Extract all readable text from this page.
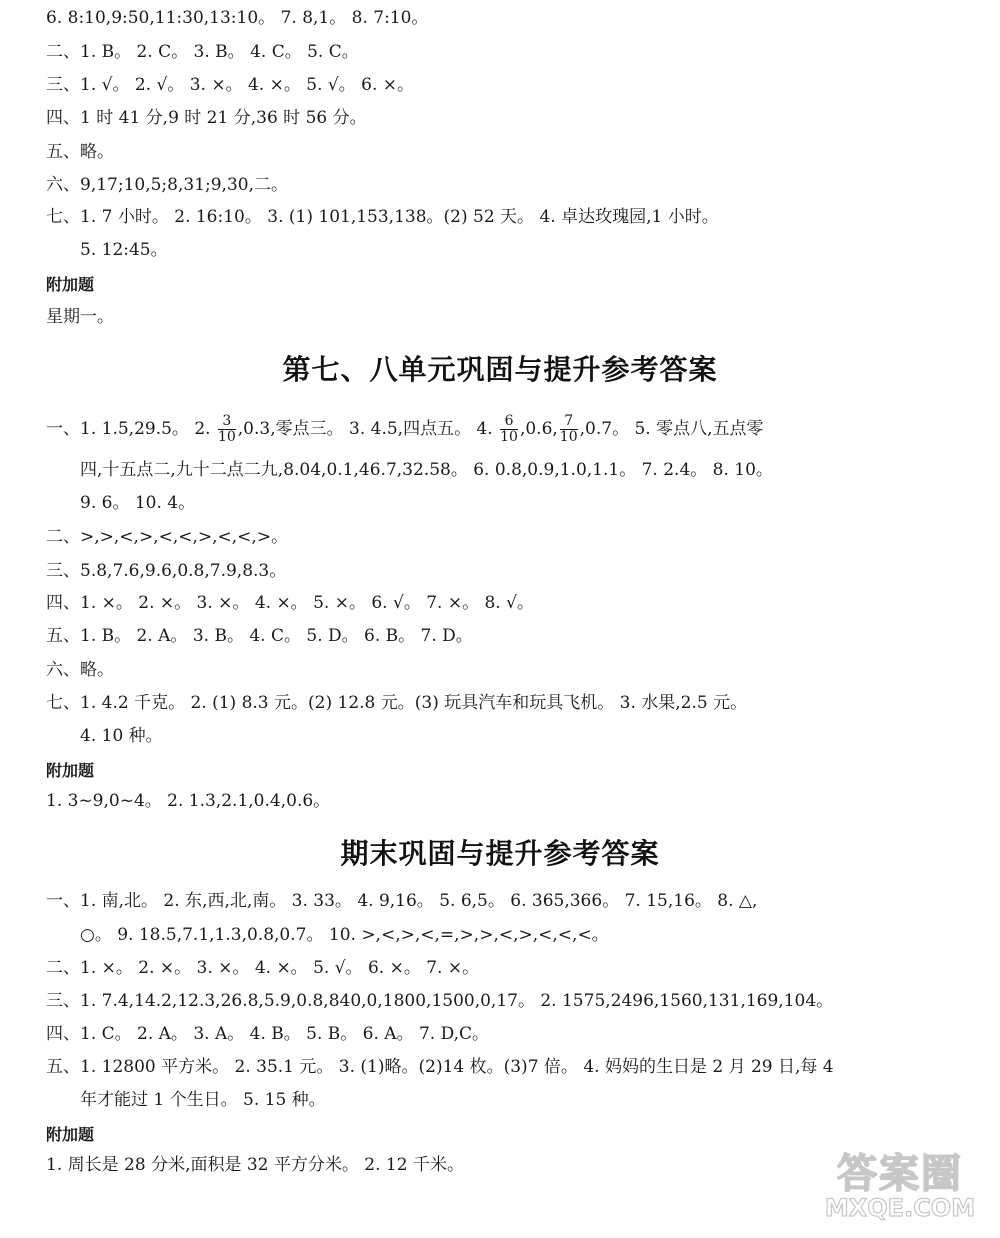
6. 8:10,9:50,11:30,13:10。 7. 8,1。 8. 7:10。
二、1. B。 2. C。 3. B。 4. C。 5. C。
三、1. √。 2. √。 3. ×。 4. ×。 5. √。 6. ×。
四、1 时 41 分,9 时 21 分,36 时 56 分。
五、略。
六、9,17;10,5;8,31;9,30,二。
七、1. 7 小时。 2. 16:10。 3. (1) 101,153,138。(2) 52 天。 4. 卓达玫瑰园,1 小时。
5. 12:45。
附加题
星期一。
第七、八单元巩固与提升参考答案
一、1. 1.5,29.5。 2. $\frac{3}{10} ,0.3$,零点三。 3. 4.5,四点五。 4. $\frac{6}{10} ,0.6$, $\frac{7}{10} ,0.7$。 5. 零点八,五点零
四,十五点二,九十二点二九,8.04,0.1,46.7,32.58。 6. 0.8,0.9,1.0,1.1。 7. 2.4。 8. 10。
9. 6。 10. 4。
二、>,>,<,>,<,<,>,<,<,>。
三、5.8,7.6,9.6,0.8,7.9,8.3。
四、1. ×。 2. ×。 3. ×。 4. ×。 5. ×。 6. √。 7. ×。 8. √。
五、1. B。 2. A。 3. B。 4. C。 5. D。 6. B。 7. D。
六、略。
七、1. 4.2 千克。 2. (1) 8.3 元。(2) 12.8 元。(3) 玩具汽车和玩具飞机。 3. 水果,2.5 元。
4. 10 种。
附加题
1. 3~9,0~4。 2. 1.3,2.1,0.4,0.6。
期末巩固与提升参考答案
一、1. 南,北。 2. 东,西,北,南。 3. 33。 4. 9,16。 5. 6,5。 6. 365,366。 7. 15,16。 8. △,
○。 9. 18.5,7.1,1.3,0.8,0.7。 10. >,<,>,<,=,>,>,<,>,<,<,<。
二、1. ×。 2. ×。 3. ×。 4. ×。 5. √。 6. ×。 7. ×。
三、1. 7.4,14.2,12.3,26.8,5.9,0.8,840,0,1800,1500,0,17。 2. 1575,2496,1560,131,169,104。
四、1. C。 2. A。 3. A。 4. B。 5. B。 6. A。 7. D,C。
五、1. 12800 平方米。 2. 35.1 元。 3. (1)略。(2)14 枚。(3)7 倍。 4. 妈妈的生日是 2 月 29 日,每 4
年才能过 1 个生日。 5. 15 种。
附加题
1. 周长是 28 分米,面积是 32 平方分米。 2. 12 千米。	答案圈
MXQE.COM
